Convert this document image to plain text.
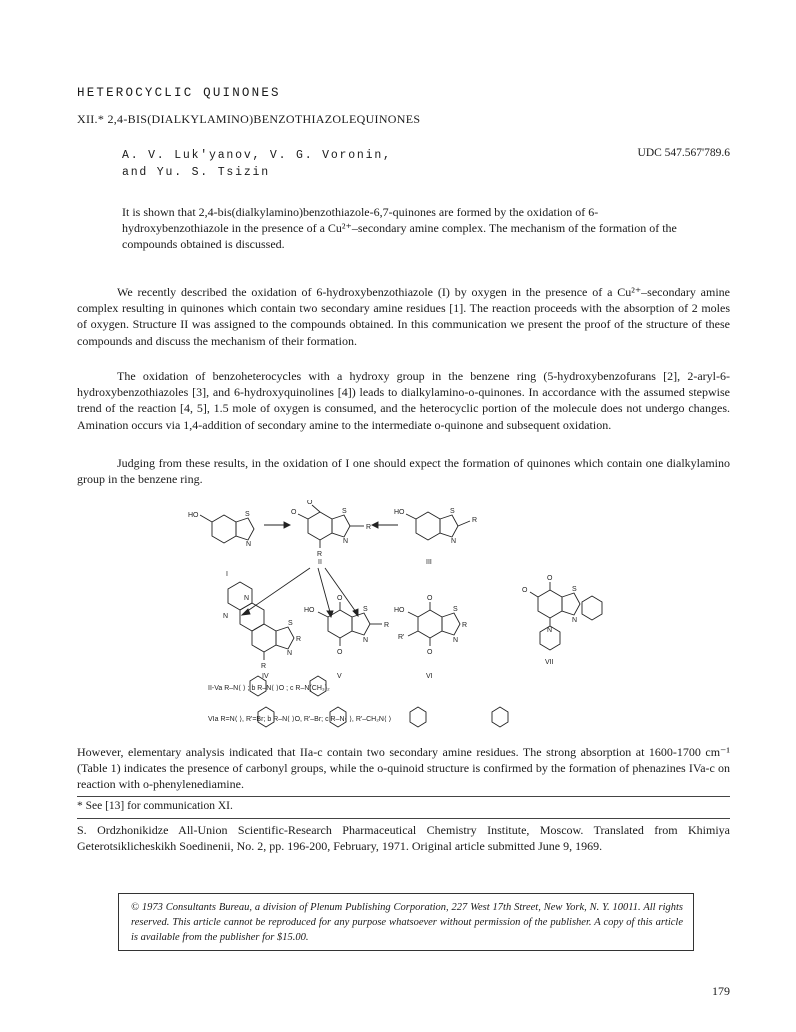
HETEROCYCLIC QUINONES
XII.* 2,4-BIS(DIALKYLAMINO)BENZOTHIAZOLEQUINONES
A. V. Luk'yanov, V. G. Voronin,
and Yu. S. Tsizin
UDC 547.567'789.6
It is shown that 2,4-bis(dialkylamino)benzothiazole-6,7-quinones are formed by the oxidation of 6-hydroxybenzothiazole in the presence of a Cu²⁺–secondary amine complex. The mechanism of the formation of the compounds obtained is discussed.
We recently described the oxidation of 6-hydroxybenzothiazole (I) by oxygen in the presence of a Cu²⁺–secondary amine complex resulting in quinones which contain two secondary amine residues [1]. The reaction proceeds with the absorption of 2 moles of oxygen. Structure II was assigned to the compounds obtained. In this communication we present the proof of the structure of these compounds and discuss the mechanism of their formation.
The oxidation of benzoheterocycles with a hydroxy group in the benzene ring (5-hydroxybenzofurans [2], 2-aryl-6-hydroxybenzothiazoles [3], and 6-hydroxyquinolines [4]) leads to dialkylamino-o-quinones. In accordance with the assumed stepwise trend of the reaction [4, 5], 1.5 mole of oxygen is consumed, and the heterocyclic portion of the molecule does not undergo changes. Amination occurs via 1,4-addition of secondary amine to the intermediate o-quinone and subsequent oxidation.
Judging from these results, in the oxidation of I one should expect the formation of quinones which contain one dialkylamino group in the benzene ring.
HO	S
N
O
O	S
N
R
R
HO	S
N
R
N
N
S
N
R
R
O
HO	S
N
R
O
O
HO	S
N
R
R'
O
O
O	S
N
N
I
II	III
IV	V	VI
VII
II-Va R–N⟨ ⟩ ; b R–N⟨ ⟩O ; c R–N(CH₃)₂
VIa R=N⟨ ⟩, R'=Br; b R–N⟨ ⟩O, R'–Br; c R–N⟨ ⟩, R'–CH₂N⟨ ⟩
However, elementary analysis indicated that IIa-c contain two secondary amine residues. The strong absorption at 1600-1700 cm⁻¹ (Table 1) indicates the presence of carbonyl groups, while the o-quinoid structure is confirmed by the formation of phenazines IVa-c on reaction with o-phenylenediamine.
* See [13] for communication XI.
S. Ordzhonikidze All-Union Scientific-Research Pharmaceutical Chemistry Institute, Moscow. Translated from Khimiya Geterotsiklicheskikh Soedinenii, No. 2, pp. 196-200, February, 1971. Original article submitted June 9, 1969.
© 1973 Consultants Bureau, a division of Plenum Publishing Corporation, 227 West 17th Street, New York, N. Y. 10011. All rights reserved. This article cannot be reproduced for any purpose whatsoever without permission of the publisher. A copy of this article is available from the publisher for $15.00.
179
